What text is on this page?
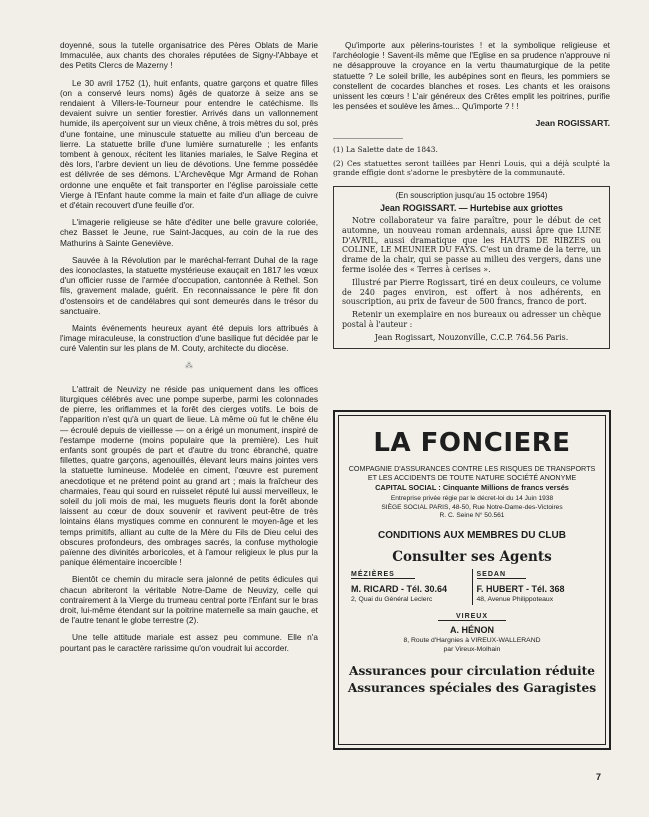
doyenné, sous la tutelle organisatrice des Pères Oblats de Marie Immaculée, aux chants des chorales réputées de Signy-l'Abbaye et des Petits Clercs de Mazerny !

Le 30 avril 1752 (1), huit enfants, quatre garçons et quatre filles (on a conservé leurs noms) âgés de quatorze à seize ans se rendaient à Villers-le-Tourneur pour entendre le catéchisme. Ils devaient suivre un sentier forestier. Arrivés dans un vallonnement humide, ils aperçoivent sur un vieux chêne, à trois mètres du sol, près d'une fontaine, une minuscule statuette au milieu d'un berceau de lierre. La statuette brille d'une lumière surnaturelle ; les enfants tombent à genoux, récitent les litanies mariales, le Salve Regina et dès lors, l'arbre devient un lieu de dévotions. Une femme possédée est délivrée de ses démons. L'Archevêque Mgr Armand de Rohan ordonne une enquête et fait transporter en l'église paroissiale cette Vierge à l'Enfant haute comme la main et faite d'un alliage de cuivre et d'étain recouvert d'une feuille d'or.

L'imagerie religieuse se hâte d'éditer une belle gravure coloriée, chez Basset le Jeune, rue Saint-Jacques, au coin de la rue des Mathurins à Sainte Geneviève.

Sauvée à la Révolution par le maréchal-ferrant Duhal de la rage des iconoclastes, la statuette mystérieuse exauçait en 1817 les vœux d'un officier russe de l'armée d'occupation, cantonnée à Rethel. Son fils, gravement malade, guérit. En reconnaissance le père fit don d'ostensoirs et de candélabres qui sont demeurés dans le trésor du sanctuaire.

Maints événements heureux ayant été depuis lors attribués à l'image miraculeuse, la construction d'une basilique fut décidée par le curé Valentin sur les plans de M. Couty, architecte du diocèse.

⁂

L'attrait de Neuvizy ne réside pas uniquement dans les offices liturgiques célébrés avec une pompe superbe, parmi les colonnades de pierre, les oriflammes et la forêt des cierges votifs. Le bois de l'apparition n'est qu'à un quart de lieue. Là même où fut le chêne élu — écroulé depuis de vieillesse — on a érigé un monument, inspiré de l'estampe moderne (moins populaire que la première). Les huit enfants sont groupés de part et d'autre du tronc ébranché, quatre fillettes, quatre garçons, agenouillés, élevant leurs mains jointes vers la statuette lumineuse. Modelée en ciment, l'œuvre est purement anecdotique et ne prétend point au grand art ; mais la fraîcheur des charmaies, l'eau qui sourd en ruisselet réputé lui aussi merveilleux, le soleil du joli mois de mai, les muguets fleuris dont la forêt abonde laissent au cœur de doux souvenir et ravivent peut-être de très lointains élans mystiques comme en connurent le moyen-âge et les temps primitifs, alliant au culte de la Mère du Fils de Dieu celui des obscures profondeurs, des ombrages sacrés, la confuse mythologie païenne des divinités arboricoles, et à l'amour religieux le plus pur la panique élémentaire incoercible !

Bientôt ce chemin du miracle sera jalonné de petits édicules qui chacun abriteront la véritable Notre-Dame de Neuvizy, celle qui contrairement à la Vierge du trumeau central porte l'Enfant sur le bras droit, lui-même étendant sur la poitrine maternelle sa main gauche, et de l'autre tenant le globe terrestre (2).

Une telle attitude mariale est assez peu commune. Elle n'a pourtant pas le caractère rarissime qu'on voudrait lui accorder.

Qu'importe aux pèlerins-touristes ! et la symbolique religieuse et l'archéologie ! Savent-ils même que l'Eglise en sa prudence n'approuve ni ne désapprouve la croyance en la vertu thaumaturgique de la petite statuette ? Le soleil brille, les aubépines sont en fleurs, les pommiers se constellent de cocardes blanches et roses. Les chants et les oraisons unissent les cœurs ! L'air généreux des Crêtes emplit les poitrines, purifie les pensées et soulève les âmes... Qu'importe ? ! !

Jean ROGISSART.

(1) La Salette date de 1843.

(2) Ces statuettes seront taillées par Henri Louis, qui a déjà sculpté la grande effigie dont s'adorne le presbytère de la communauté.

(En souscription jusqu'au 15 octobre 1954)

Jean ROGISSART. — Hurtebise aux griottes

Notre collaborateur va faire paraître, pour le début de cet automne, un nouveau roman ardennais, aussi âpre que LUNE D'AVRIL, aussi dramatique que les HAUTS DE RIBZES ou COLINE, LE MEUNIER DU FAYS. C'est un drame de la terre, un drame de la chair, qui se passe au milieu des vergers, dans une ferme isolée des « Terres à cerises ».

Illustré par Pierre Rogissart, tiré en deux couleurs, ce volume de 240 pages environ, est offert à nos adhérents, en souscription, au prix de faveur de 500 francs, franco de port.

Retenir un exemplaire en nos bureaux ou adresser un chèque postal à l'auteur :

Jean Rogissart, Nouzonville, C.C.P. 764.56 Paris.

LA FONCIERE

COMPAGNIE D'ASSURANCES CONTRE LES RISQUES DE TRANSPORTS ET LES ACCIDENTS DE TOUTE NATURE SOCIÉTÉ ANONYME

CAPITAL SOCIAL : Cinquante Millions de francs versés

Entreprise privée régie par le décret-loi du 14 Juin 1938

SIÈGE SOCIAL PARIS, 48-50, Rue Notre-Dame-des-Victoires

R. C. Seine N° 50.561

CONDITIONS AUX MEMBRES DU CLUB
Consulter ses Agents
MÉZIÈRES
M. RICARD - Tél. 30.64
2, Quai du Général Leclerc
SEDAN
F. HUBERT - Tél. 368
48, Avenue Philippoteaux
VIREUX
A. HÉNON
8, Route d'Hargnies à VIREUX-WALLERAND
par Vireux-Molhain
Assurances pour circulation réduite
Assurances spéciales des Garagistes
7
